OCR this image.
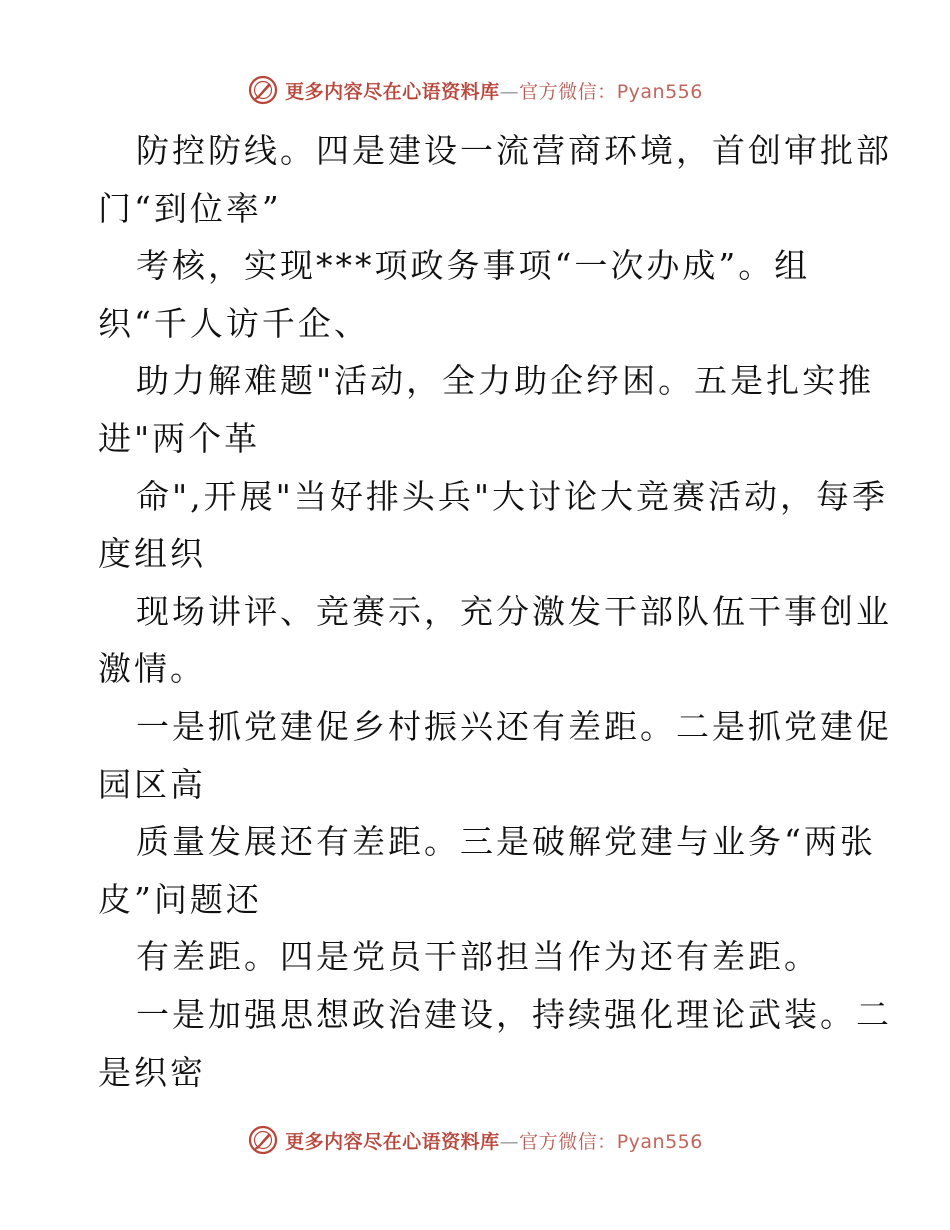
更多内容尽在心语资料库—官方微信：Pyan556
防控防线。四是建设一流营商环境，首创审批部
门“到位率”
考核，实现***项政务事项“一次办成”。组
织“千人访千企、
助力解难题"活动，全力助企纾困。五是扎实推
进"两个革
命",开展"当好排头兵"大讨论大竞赛活动，每季
度组织
现场讲评、竞赛示，充分激发干部队伍干事创业
激情。
一是抓党建促乡村振兴还有差距。二是抓党建促
园区高
质量发展还有差距。三是破解党建与业务“两张
皮”问题还
有差距。四是党员干部担当作为还有差距。
一是加强思想政治建设，持续强化理论武装。二
是织密
更多内容尽在心语资料库—官方微信：Pyan556
